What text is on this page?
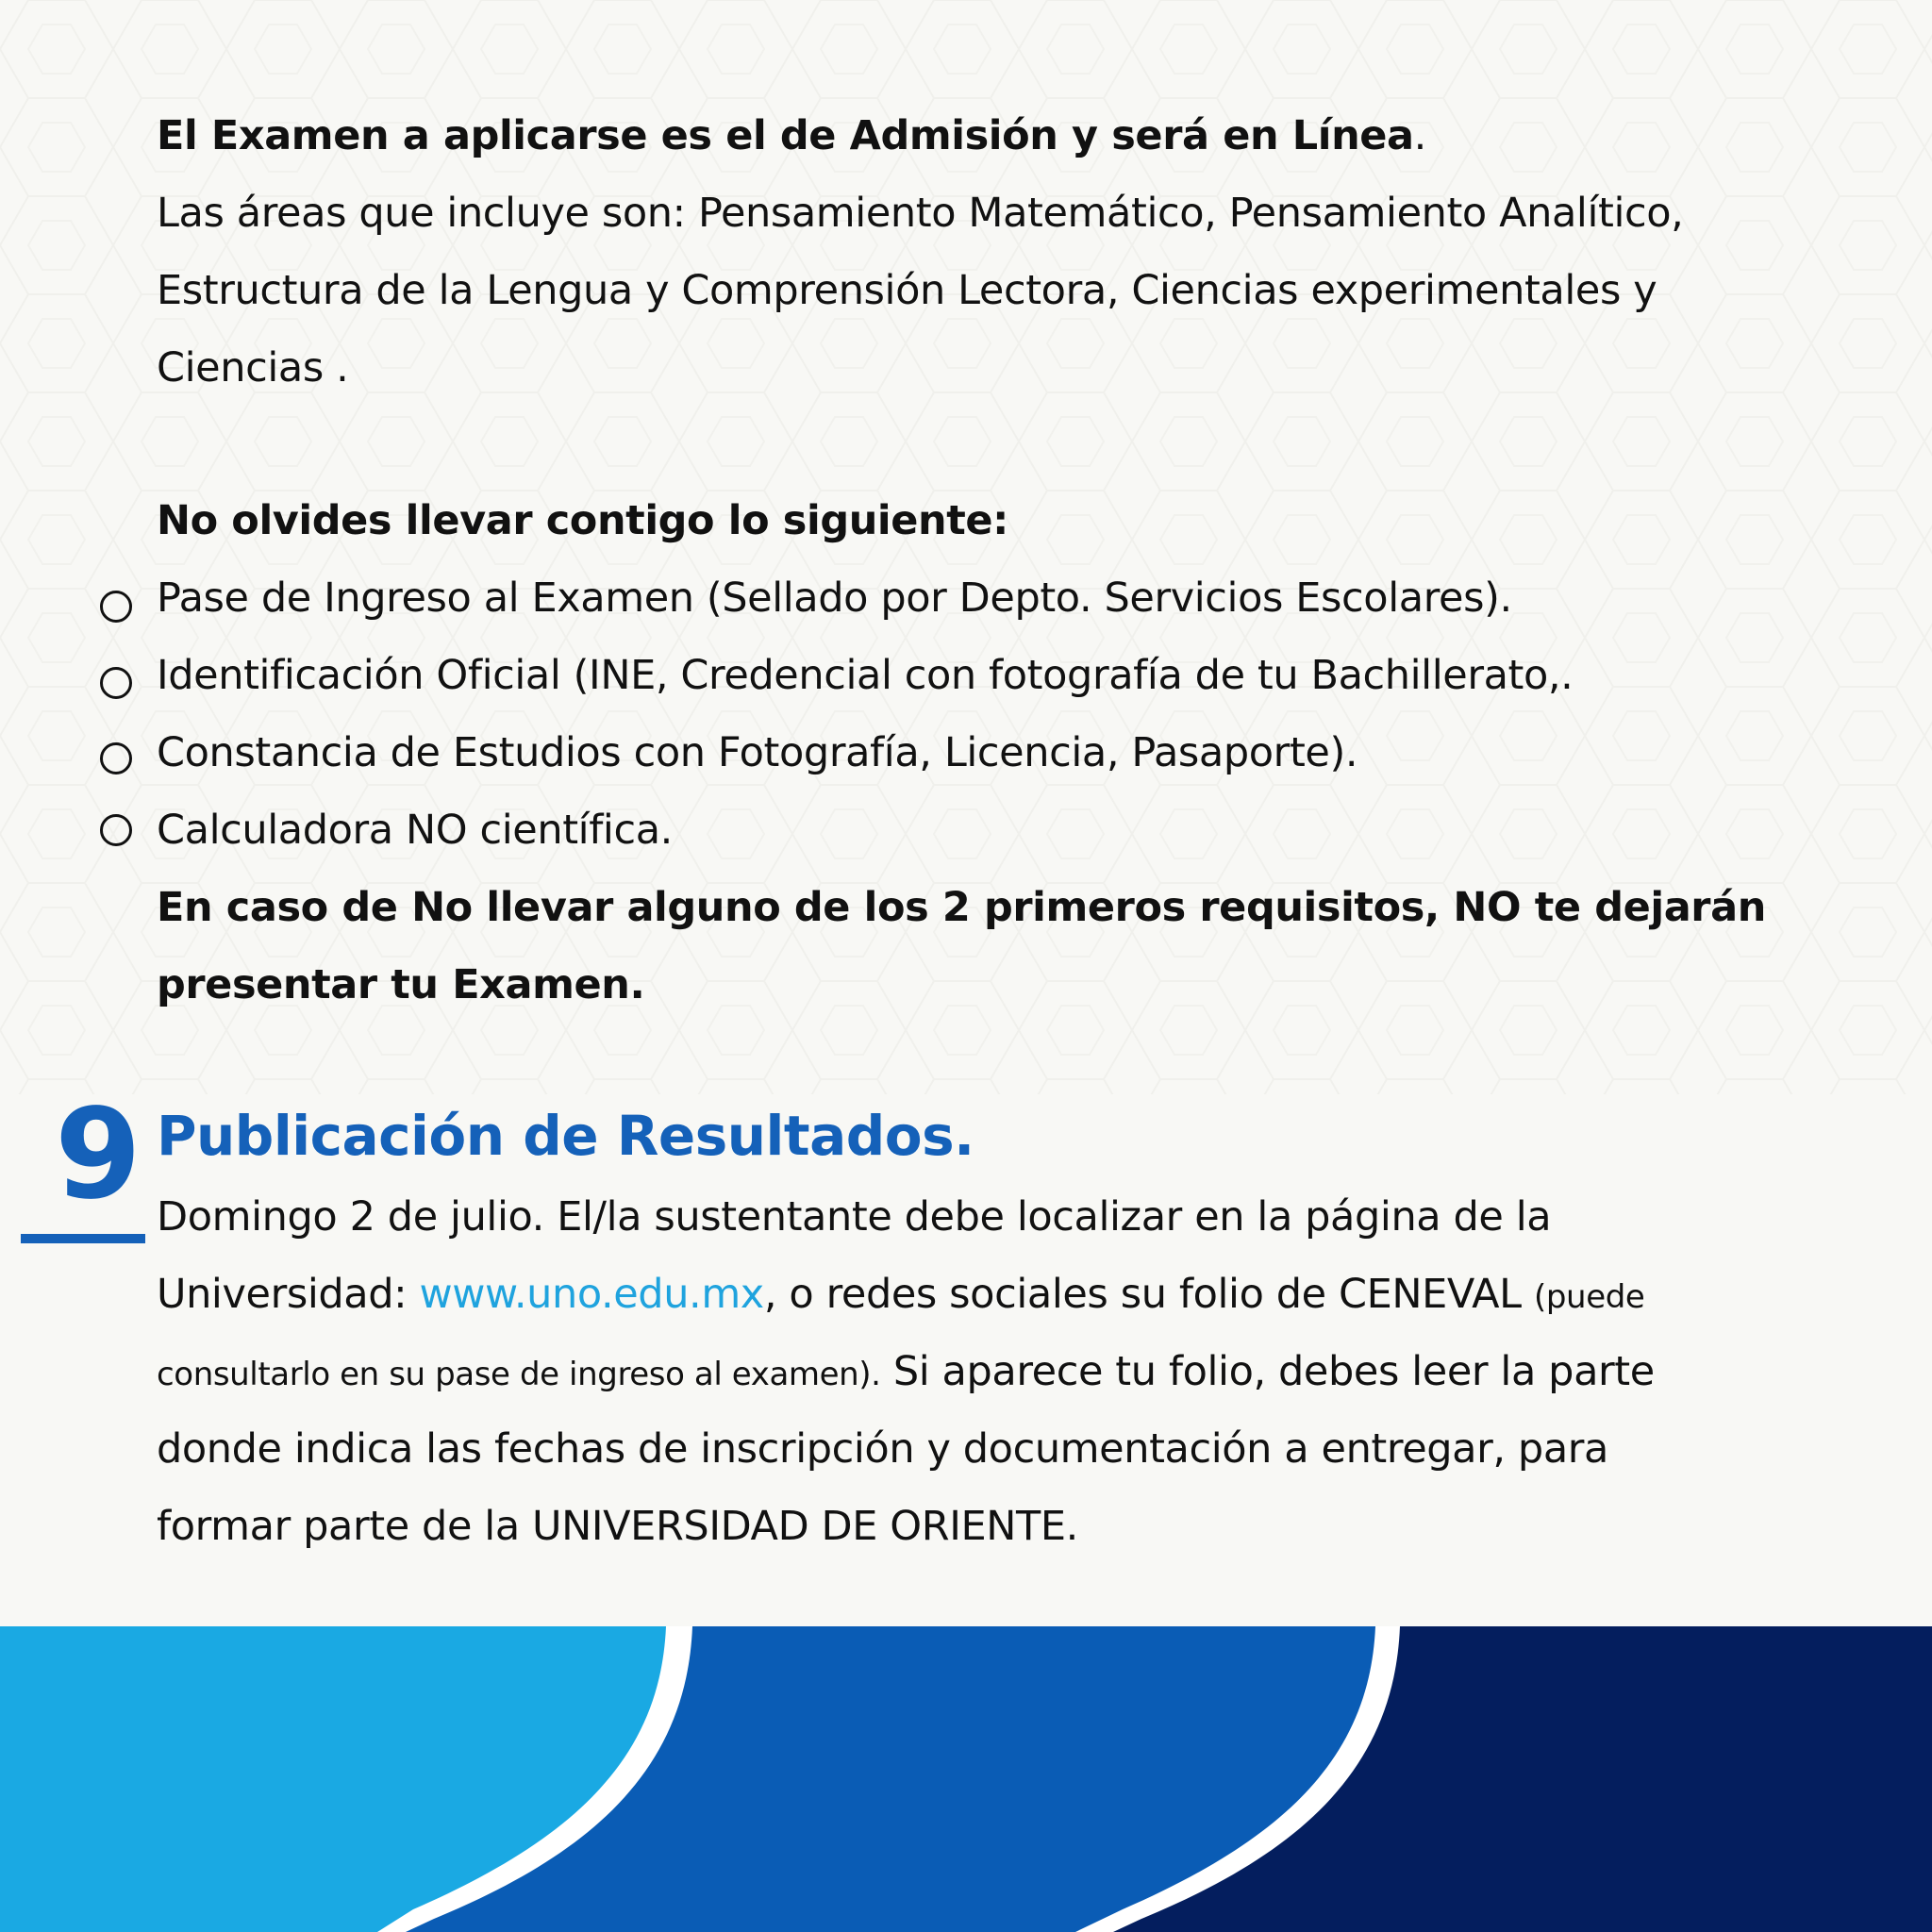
El Examen a aplicarse es el de Admisión y será en Línea.

Las áreas que incluye son: Pensamiento Matemático, Pensamiento Analítico,

Estructura de la Lengua y Comprensión Lectora, Ciencias experimentales y

Ciencias .

No olvides llevar contigo lo siguiente:

Pase de Ingreso al Examen (Sellado por Depto. Servicios Escolares).

Identificación Oficial (INE, Credencial con fotografía de tu Bachillerato,.

Constancia de Estudios con Fotografía, Licencia, Pasaporte).

Calculadora NO científica.

En caso de No llevar alguno de los 2 primeros requisitos, NO te dejarán

presentar tu Examen.

9 Publicación de Resultados.

Domingo 2 de julio. El/la sustentante debe localizar en la página de la

Universidad: www.uno.edu.mx, o redes sociales su folio de CENEVAL (puede

consultarlo en su pase de ingreso al examen). Si aparece tu folio, debes leer la parte

donde indica las fechas de inscripción y documentación a entregar, para

formar parte de la UNIVERSIDAD DE ORIENTE.
